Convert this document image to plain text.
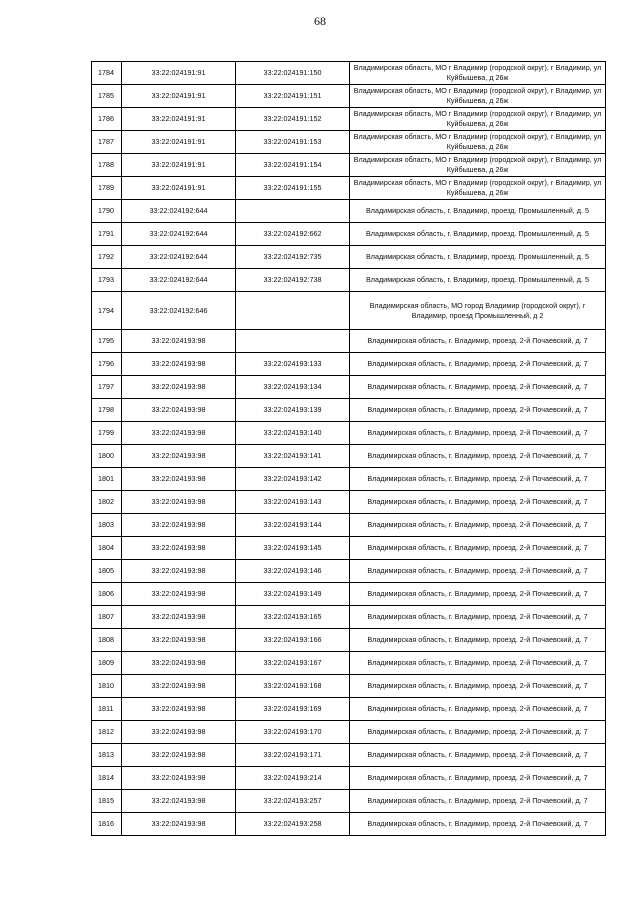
68
1784	33:22:024191:91	33:22:024191:150	Владимирская область, МО г Владимир (городской округ), г Владимир, ул Куйбышева, д 26ж
1785	33:22:024191:91	33:22:024191:151	Владимирская область, МО г Владимир (городской округ), г Владимир, ул Куйбышева, д 26ж
1786	33:22:024191:91	33:22:024191:152	Владимирская область, МО г Владимир (городской округ), г Владимир, ул Куйбышева, д 26ж
1787	33:22:024191:91	33:22:024191:153	Владимирская область, МО г Владимир (городской округ), г Владимир, ул Куйбышева, д 26ж
1788	33:22:024191:91	33:22:024191:154	Владимирская область, МО г Владимир (городской округ), г Владимир, ул Куйбышева, д 26ж
1789	33:22:024191:91	33:22:024191:155	Владимирская область, МО г Владимир (городской округ), г Владимир, ул Куйбышева, д 26ж
1790	33:22:024192:644		Владимирская область, г. Владимир, проезд. Промышленный, д. 5
1791	33:22:024192:644	33:22:024192:662	Владимирская область, г. Владимир, проезд. Промышленный, д. 5
1792	33:22:024192:644	33:22:024192:735	Владимирская область, г. Владимир, проезд. Промышленный, д. 5
1793	33:22:024192:644	33:22:024192:738	Владимирская область, г. Владимир, проезд. Промышленный, д. 5
1794	33:22:024192:646		Владимирская область, МО город Владимир (городской округ), г Владимир, проезд Промышленный, д 2
1795	33:22:024193:98		Владимирская область, г. Владимир, проезд. 2-й Почаевский, д. 7
1796	33:22:024193:98	33:22:024193:133	Владимирская область, г. Владимир, проезд. 2-й Почаевский, д. 7
1797	33:22:024193:98	33:22:024193:134	Владимирская область, г. Владимир, проезд. 2-й Почаевский, д. 7
1798	33:22:024193:98	33:22:024193:139	Владимирская область, г. Владимир, проезд. 2-й Почаевский, д. 7
1799	33:22:024193:98	33:22:024193:140	Владимирская область, г. Владимир, проезд. 2-й Почаевский, д. 7
1800	33:22:024193:98	33:22:024193:141	Владимирская область, г. Владимир, проезд. 2-й Почаевский, д. 7
1801	33:22:024193:98	33:22:024193:142	Владимирская область, г. Владимир, проезд. 2-й Почаевский, д. 7
1802	33:22:024193:98	33:22:024193:143	Владимирская область, г. Владимир, проезд. 2-й Почаевский, д. 7
1803	33:22:024193:98	33:22:024193:144	Владимирская область, г. Владимир, проезд. 2-й Почаевский, д. 7
1804	33:22:024193:98	33:22:024193:145	Владимирская область, г. Владимир, проезд. 2-й Почаевский, д. 7
1805	33:22:024193:98	33:22:024193:146	Владимирская область, г. Владимир, проезд. 2-й Почаевский, д. 7
1806	33:22:024193:98	33:22:024193:149	Владимирская область, г. Владимир, проезд. 2-й Почаевский, д. 7
1807	33:22:024193:98	33:22:024193:165	Владимирская область, г. Владимир, проезд. 2-й Почаевский, д. 7
1808	33:22:024193:98	33:22:024193:166	Владимирская область, г. Владимир, проезд. 2-й Почаевский, д. 7
1809	33:22:024193:98	33:22:024193:167	Владимирская область, г. Владимир, проезд. 2-й Почаевский, д. 7
1810	33:22:024193:98	33:22:024193:168	Владимирская область, г. Владимир, проезд. 2-й Почаевский, д. 7
1811	33:22:024193:98	33:22:024193:169	Владимирская область, г. Владимир, проезд. 2-й Почаевский, д. 7
1812	33:22:024193:98	33:22:024193:170	Владимирская область, г. Владимир, проезд. 2-й Почаевский, д. 7
1813	33:22:024193:98	33:22:024193:171	Владимирская область, г. Владимир, проезд. 2-й Почаевский, д. 7
1814	33:22:024193:98	33:22:024193:214	Владимирская область, г. Владимир, проезд. 2-й Почаевский, д. 7
1815	33:22:024193:98	33:22:024193:257	Владимирская область, г. Владимир, проезд. 2-й Почаевский, д. 7
1816	33:22:024193:98	33:22:024193:258	Владимирская область, г. Владимир, проезд. 2-й Почаевский, д. 7
